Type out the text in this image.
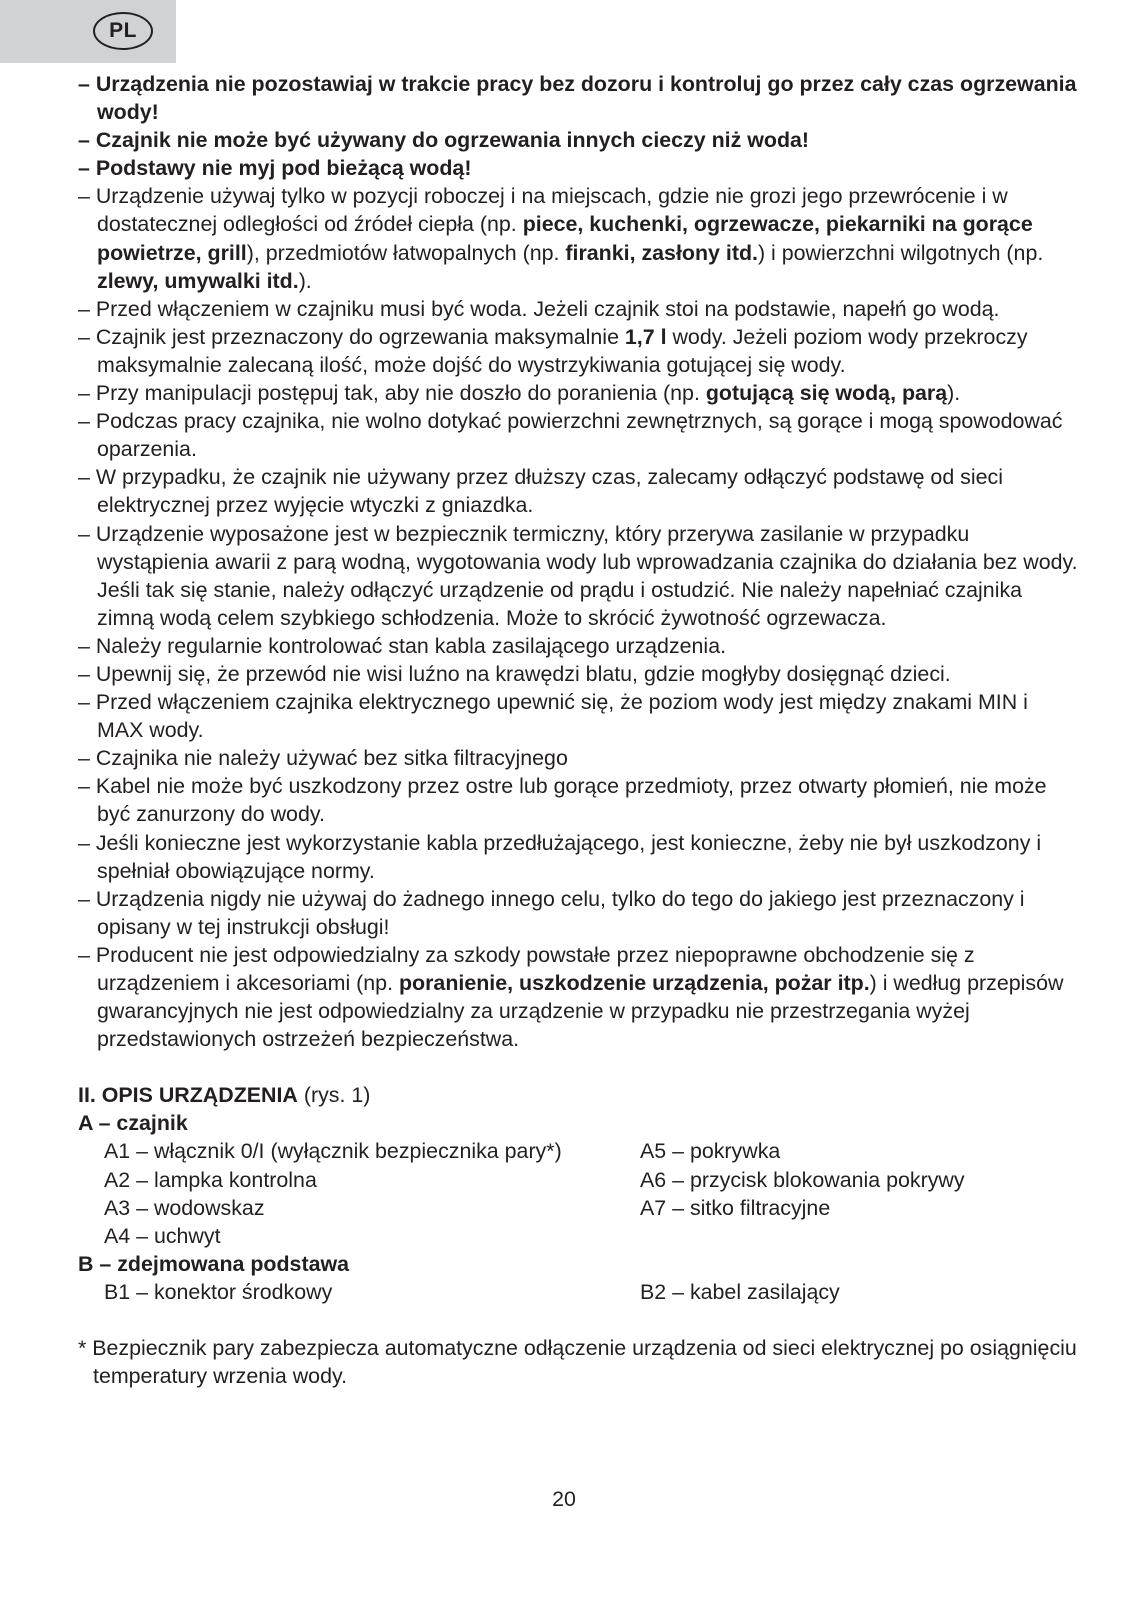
PL

– Urządzenia nie pozostawiaj w trakcie pracy bez dozoru i kontroluj go przez cały czas ogrzewania wody!

– Czajnik nie może być używany do ogrzewania innych cieczy niż woda!

– Podstawy nie myj pod bieżącą wodą!

– Urządzenie używaj tylko w pozycji roboczej i na miejscach, gdzie nie grozi jego przewrócenie i w dostatecznej odległości od źródeł ciepła (np. piece, kuchenki, ogrzewacze, piekarniki na gorące powietrze, grill), przedmiotów łatwopalnych (np. firanki, zasłony itd.) i powierzchni wilgotnych (np. zlewy, umywalki itd.).

– Przed włączeniem w czajniku musi być woda. Jeżeli czajnik stoi na podstawie, napełń go wodą.

– Czajnik jest przeznaczony do ogrzewania maksymalnie 1,7 l wody. Jeżeli poziom wody przekroczy maksymalnie zalecaną ilość, może dojść do wystrzykiwania gotującej się wody.

– Przy manipulacji postępuj tak, aby nie doszło do poranienia (np. gotującą się wodą, parą).

– Podczas pracy czajnika, nie wolno dotykać powierzchni zewnętrznych, są gorące i mogą spowodować oparzenia.

– W przypadku, że czajnik nie używany przez dłuższy czas, zalecamy odłączyć podstawę od sieci elektrycznej przez wyjęcie wtyczki z gniazdka.

– Urządzenie wyposażone jest w bezpiecznik termiczny, który przerywa zasilanie w przypadku wystąpienia awarii z parą wodną, wygotowania wody lub wprowadzania czajnika do działania bez wody. Jeśli tak się stanie, należy odłączyć urządzenie od prądu i ostudzić. Nie należy napełniać czajnika zimną wodą celem szybkiego schłodzenia. Może to skrócić żywotność ogrzewacza.

– Należy regularnie kontrolować stan kabla zasilającego urządzenia.

– Upewnij się, że przewód nie wisi luźno na krawędzi blatu, gdzie mogłyby dosięgnąć dzieci.

– Przed włączeniem czajnika elektrycznego upewnić się, że poziom wody jest między znakami MIN i MAX wody.

– Czajnika nie należy używać bez sitka filtracyjnego

– Kabel nie może być uszkodzony przez ostre lub gorące przedmioty, przez otwarty płomień, nie może być zanurzony do wody.

– Jeśli konieczne jest wykorzystanie kabla przedłużającego, jest konieczne, żeby nie był uszkodzony i spełniał obowiązujące normy.

– Urządzenia nigdy nie używaj do żadnego innego celu, tylko do tego do jakiego jest przeznaczony i opisany w tej instrukcji obsługi!

– Producent nie jest odpowiedzialny za szkody powstałe przez niepoprawne obchodzenie się z urządzeniem i akcesoriami (np. poranienie, uszkodzenie urządzenia, pożar itp.) i według przepisów gwarancyjnych nie jest odpowiedzialny za urządzenie w przypadku nie przestrzegania wyżej przedstawionych ostrzeżeń bezpieczeństwa.

II. OPIS URZĄDZENIA (rys. 1)

A – czajnik

A1 – włącznik 0/I (wyłącznik bezpiecznika pary*)
A2 – lampka kontrolna
A3 – wodowskaz
A4 – uchwyt
A5 – pokrywka
A6 – przycisk blokowania pokrywy
A7 – sitko filtracyjne

B – zdejmowana podstawa

B1 – konektor środkowy	B2 – kabel zasilający

* Bezpiecznik pary zabezpiecza automatyczne odłączenie urządzenia od sieci elektrycznej po osiągnięciu temperatury wrzenia wody.

20
